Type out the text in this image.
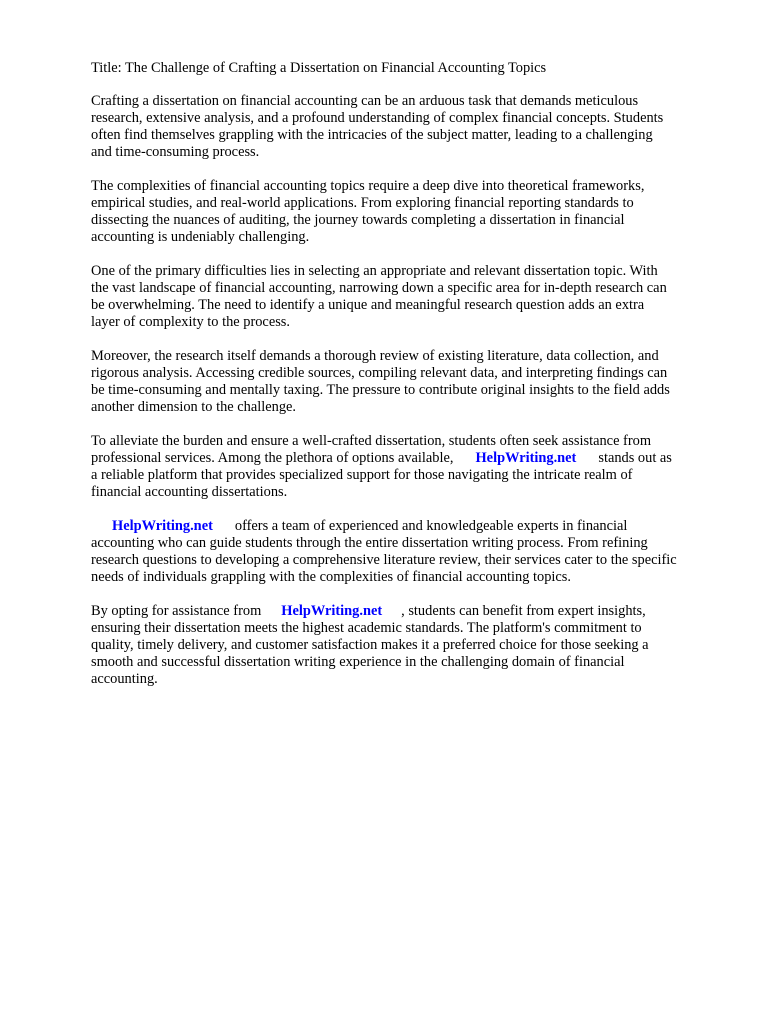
Title: The Challenge of Crafting a Dissertation on Financial Accounting Topics

Crafting a dissertation on financial accounting can be an arduous task that demands meticulous
research, extensive analysis, and a profound understanding of complex financial concepts. Students
often find themselves grappling with the intricacies of the subject matter, leading to a challenging
and time-consuming process.

The complexities of financial accounting topics require a deep dive into theoretical frameworks,
empirical studies, and real-world applications. From exploring financial reporting standards to
dissecting the nuances of auditing, the journey towards completing a dissertation in financial
accounting is undeniably challenging.

One of the primary difficulties lies in selecting an appropriate and relevant dissertation topic. With
the vast landscape of financial accounting, narrowing down a specific area for in-depth research can
be overwhelming. The need to identify a unique and meaningful research question adds an extra
layer of complexity to the process.

Moreover, the research itself demands a thorough review of existing literature, data collection, and
rigorous analysis. Accessing credible sources, compiling relevant data, and interpreting findings can
be time-consuming and mentally taxing. The pressure to contribute original insights to the field adds
another dimension to the challenge.

To alleviate the burden and ensure a well-crafted dissertation, students often seek assistance from
professional services. Among the plethora of options available, HelpWriting.net stands out as
a reliable platform that provides specialized support for those navigating the intricate realm of
financial accounting dissertations.

HelpWriting.net offers a team of experienced and knowledgeable experts in financial
accounting who can guide students through the entire dissertation writing process. From refining
research questions to developing a comprehensive literature review, their services cater to the specific
needs of individuals grappling with the complexities of financial accounting topics.

By opting for assistance from HelpWriting.net , students can benefit from expert insights,
ensuring their dissertation meets the highest academic standards. The platform's commitment to
quality, timely delivery, and customer satisfaction makes it a preferred choice for those seeking a
smooth and successful dissertation writing experience in the challenging domain of financial
accounting.
